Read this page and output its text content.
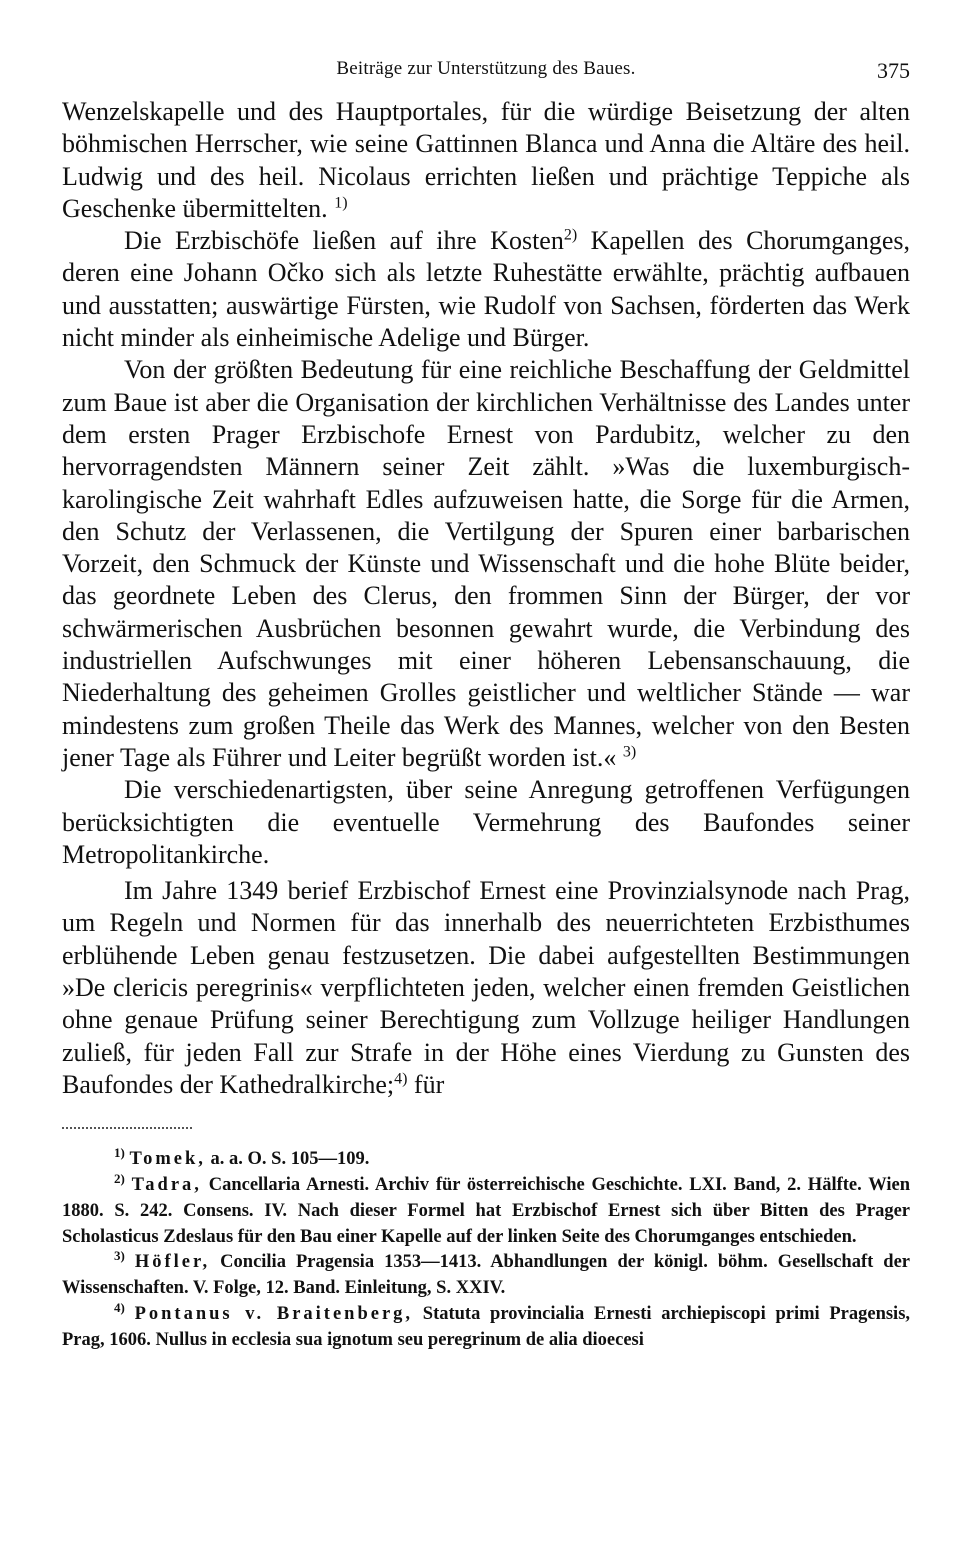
Beiträge zur Unterstützung des Baues.	375

Wenzelskapelle und des Hauptportales, für die würdige Beisetzung der alten böhmischen Herrscher, wie seine Gattinnen Blanca und Anna die Altäre des heil. Ludwig und des heil. Nicolaus errichten ließen und prächtige Teppiche als Geschenke übermittelten. $^{1)}$

Die Erzbischöfe ließen auf ihre Kosten$^{2)}$ Kapellen des Chorumganges, deren eine Johann Očko sich als letzte Ruhestätte erwählte, prächtig aufbauen und ausstatten; auswärtige Fürsten, wie Rudolf von Sachsen, förderten das Werk nicht minder als einheimische Adelige und Bürger.

Von der größten Bedeutung für eine reichliche Beschaffung der Geldmittel zum Baue ist aber die Organisation der kirchlichen Verhältnisse des Landes unter dem ersten Prager Erzbischofe Ernest von Pardubitz, welcher zu den hervorragendsten Männern seiner Zeit zählt. »Was die luxemburgisch-karolingische Zeit wahrhaft Edles aufzuweisen hatte, die Sorge für die Armen, den Schutz der Verlassenen, die Vertilgung der Spuren einer barbarischen Vorzeit, den Schmuck der Künste und Wissenschaft und die hohe Blüte beider, das geordnete Leben des Clerus, den frommen Sinn der Bürger, der vor schwärmerischen Ausbrüchen besonnen gewahrt wurde, die Verbindung des industriellen Aufschwunges mit einer höheren Lebensanschauung, die Niederhaltung des geheimen Grolles geistlicher und weltlicher Stände — war mindestens zum großen Theile das Werk des Mannes, welcher von den Besten jener Tage als Führer und Leiter begrüßt worden ist.« $^{3)}$

Die verschiedenartigsten, über seine Anregung getroffenen Verfügungen berücksichtigten die eventuelle Vermehrung des Baufondes seiner Metropolitankirche.

Im Jahre 1349 berief Erzbischof Ernest eine Provinzialsynode nach Prag, um Regeln und Normen für das innerhalb des neuerrichteten Erzbisthumes erblühende Leben genau festzusetzen. Die dabei aufgestellten Bestimmungen »De clericis peregrinis« verpflichteten jeden, welcher einen fremden Geistlichen ohne genaue Prüfung seiner Berechtigung zum Vollzuge heiliger Handlungen zuließ, für jeden Fall zur Strafe in der Höhe eines Vierdung zu Gunsten des Baufondes der Kathedralkirche;$^{4)}$ für

$^{1)}$ Tomek, a. a. O. S. 105—109.

$^{2)}$ Tadra, Cancellaria Arnesti. Archiv für österreichische Geschichte. LXI. Band, 2. Hälfte. Wien 1880. S. 242. Consens. IV. Nach dieser Formel hat Erzbischof Ernest sich über Bitten des Prager Scholasticus Zdeslaus für den Bau einer Kapelle auf der linken Seite des Chorumganges entschieden.

$^{3)}$ Höfler, Concilia Pragensia 1353—1413. Abhandlungen der königl. böhm. Gesellschaft der Wissenschaften. V. Folge, 12. Band. Einleitung, S. XXIV.

$^{4)}$ Pontanus v. Braitenberg, Statuta provincialia Ernesti archiepiscopi primi Pragensis, Prag, 1606. Nullus in ecclesia sua ignotum seu peregrinum de alia dioecesi
